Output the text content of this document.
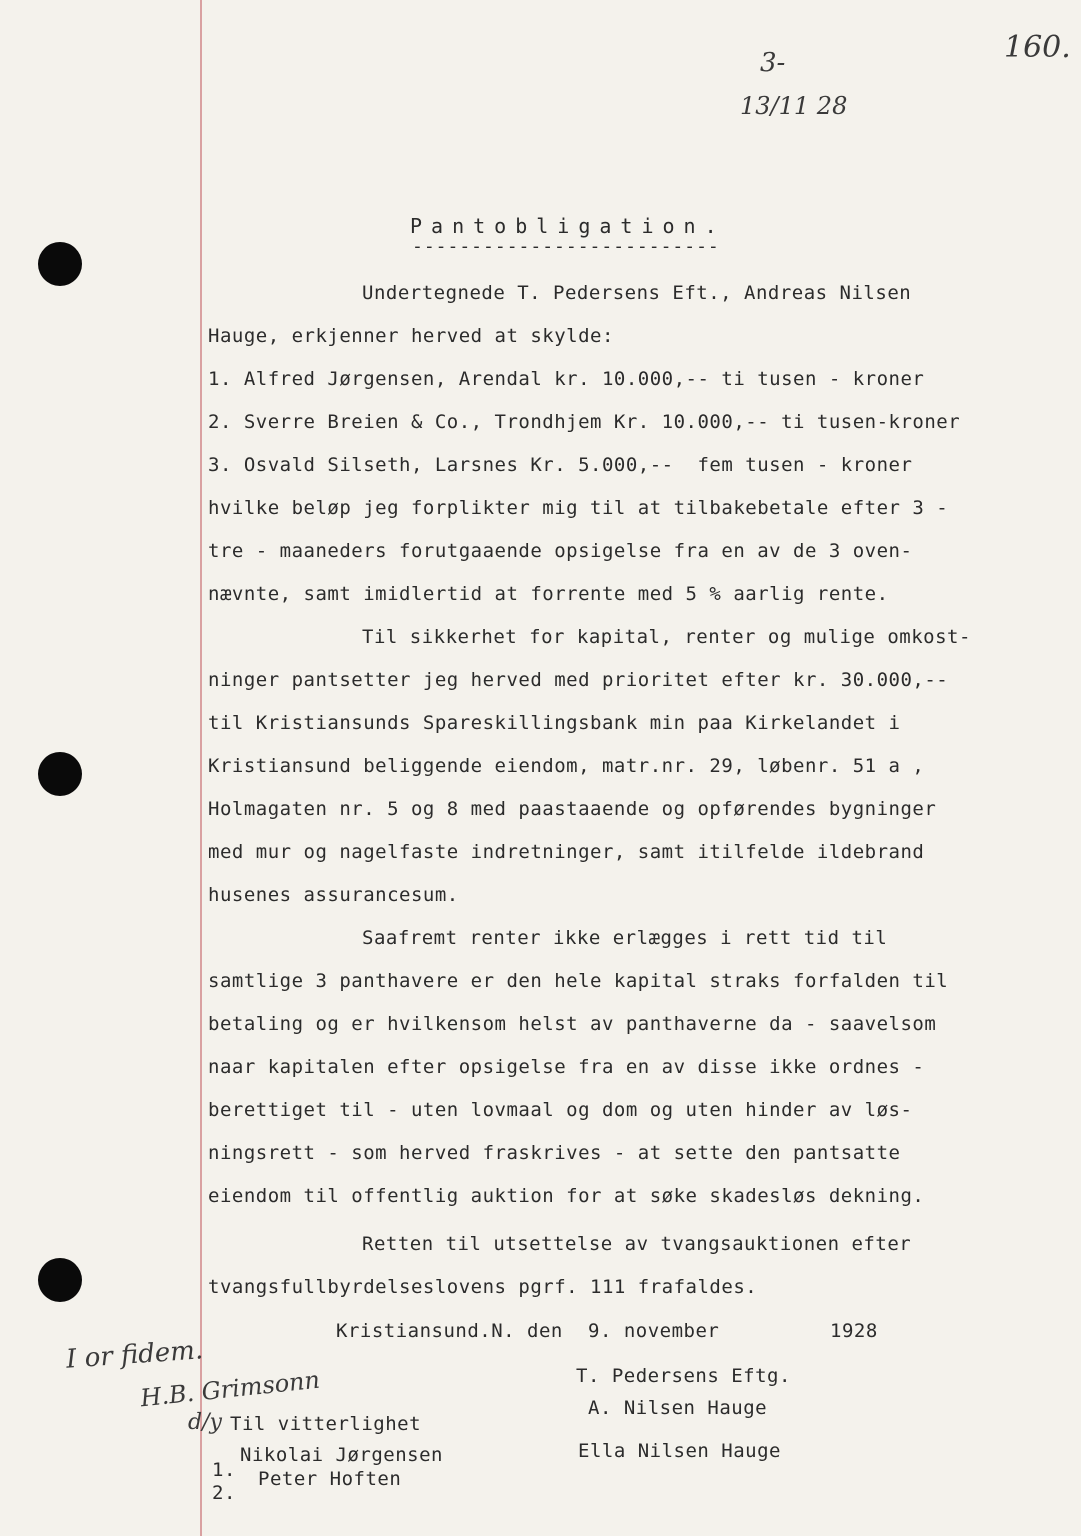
160.
3-
13/11 28
Pantobligation.
--------------------------
Undertegnede T. Pedersens Eft., Andreas Nilsen
Hauge, erkjenner herved at skylde:
1. Alfred Jørgensen, Arendal kr. 10.000,-- ti tusen - kroner
2. Sverre Breien & Co., Trondhjem Kr. 10.000,-- ti tusen-kroner
3. Osvald Silseth, Larsnes Kr. 5.000,--  fem tusen - kroner
hvilke beløp jeg forplikter mig til at tilbakebetale efter 3 -
tre - maaneders forutgaaende opsigelse fra en av de 3 oven-
nævnte, samt imidlertid at forrente med 5 % aarlig rente.
Til sikkerhet for kapital, renter og mulige omkost-
ninger pantsetter jeg herved med prioritet efter kr. 30.000,--
til Kristiansunds Spareskillingsbank min paa Kirkelandet i
Kristiansund beliggende eiendom, matr.nr. 29, løbenr. 51 a ,
Holmagaten nr. 5 og 8 med paastaaende og opførendes bygninger
med mur og nagelfaste indretninger, samt itilfelde ildebrand
husenes assurancesum.
Saafremt renter ikke erlægges i rett tid til
samtlige 3 panthavere er den hele kapital straks forfalden til
betaling og er hvilkensom helst av panthaverne da - saavelsom
naar kapitalen efter opsigelse fra en av disse ikke ordnes -
berettiget til - uten lovmaal og dom og uten hinder av løs-
ningsrett - som herved fraskrives - at sette den pantsatte
eiendom til offentlig auktion for at søke skadesløs dekning.
Retten til utsettelse av tvangsauktionen efter
tvangsfullbyrdelseslovens pgrf. 111 frafaldes.
Kristiansund.N. den 9. november	1928
T. Pedersens Eftg.
A. Nilsen Hauge
Ella Nilsen Hauge
Til vitterlighet
Nikolai Jørgensen
Peter Hoften
1.
2.
I or fidem.
H.B. Grimsonn
d/y
